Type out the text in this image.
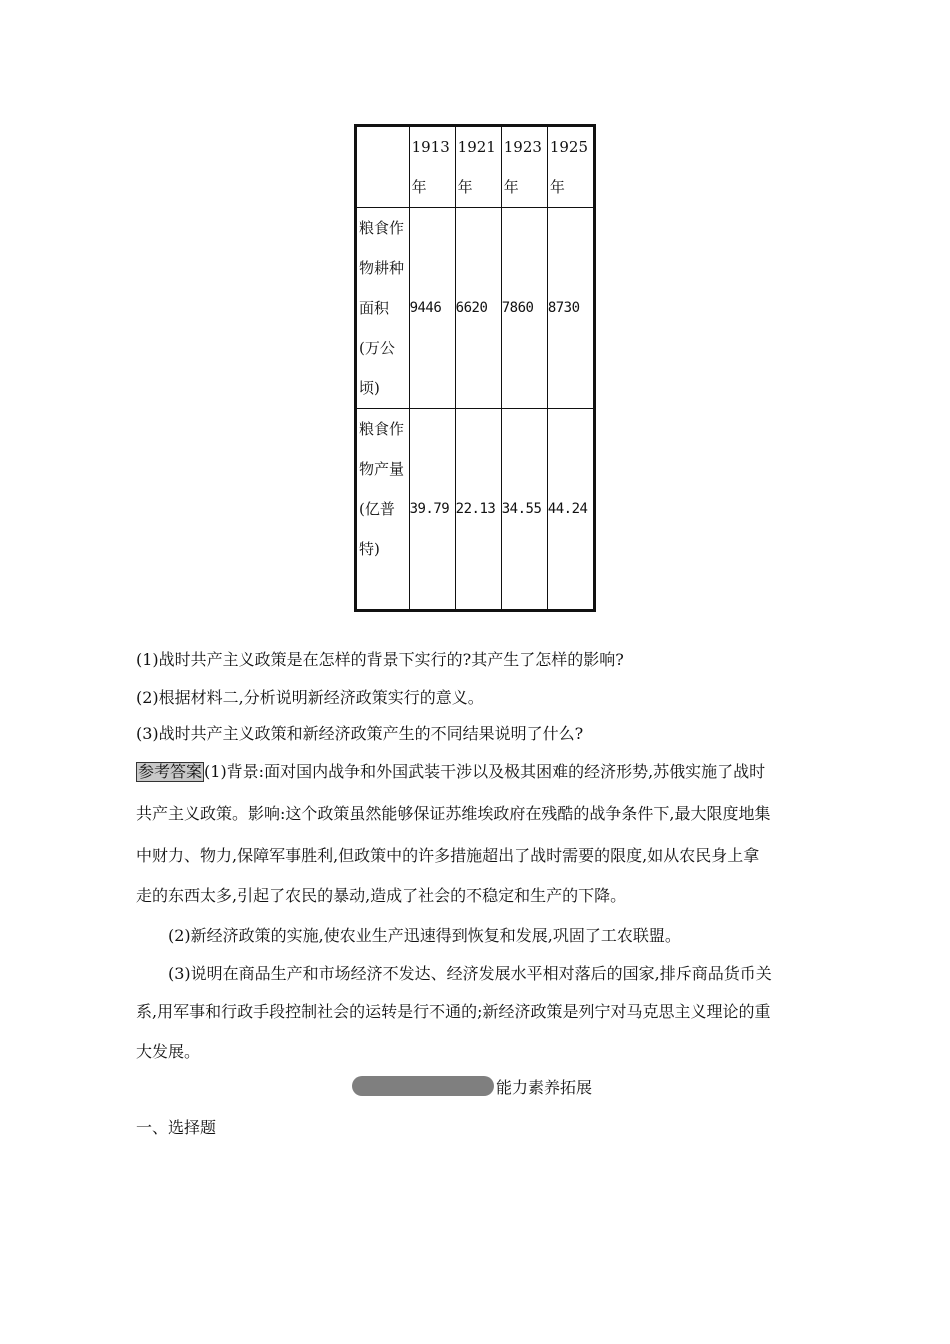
	1913年	1921年	1923年	1925年
粮食作物耕种面积(万公顷)	9446	6620	7860	8730
粮食作物产量(亿普特)	39.79	22.13	34.55	44.24
(1)战时共产主义政策是在怎样的背景下实行的?其产生了怎样的影响?
(2)根据材料二,分析说明新经济政策实行的意义。
(3)战时共产主义政策和新经济政策产生的不同结果说明了什么?
参考答案 (1)背景:面对国内战争和外国武装干涉以及极其困难的经济形势,苏俄实施了战时
共产主义政策。影响:这个政策虽然能够保证苏维埃政府在残酷的战争条件下,最大限度地集
中财力、物力,保障军事胜利,但政策中的许多措施超出了战时需要的限度,如从农民身上拿
走的东西太多,引起了农民的暴动,造成了社会的不稳定和生产的下降。
(2)新经济政策的实施,使农业生产迅速得到恢复和发展,巩固了工农联盟。
(3)说明在商品生产和市场经济不发达、经济发展水平相对落后的国家,排斥商品货币关
系,用军事和行政手段控制社会的运转是行不通的;新经济政策是列宁对马克思主义理论的重
大发展。
能力素养拓展
一、选择题
